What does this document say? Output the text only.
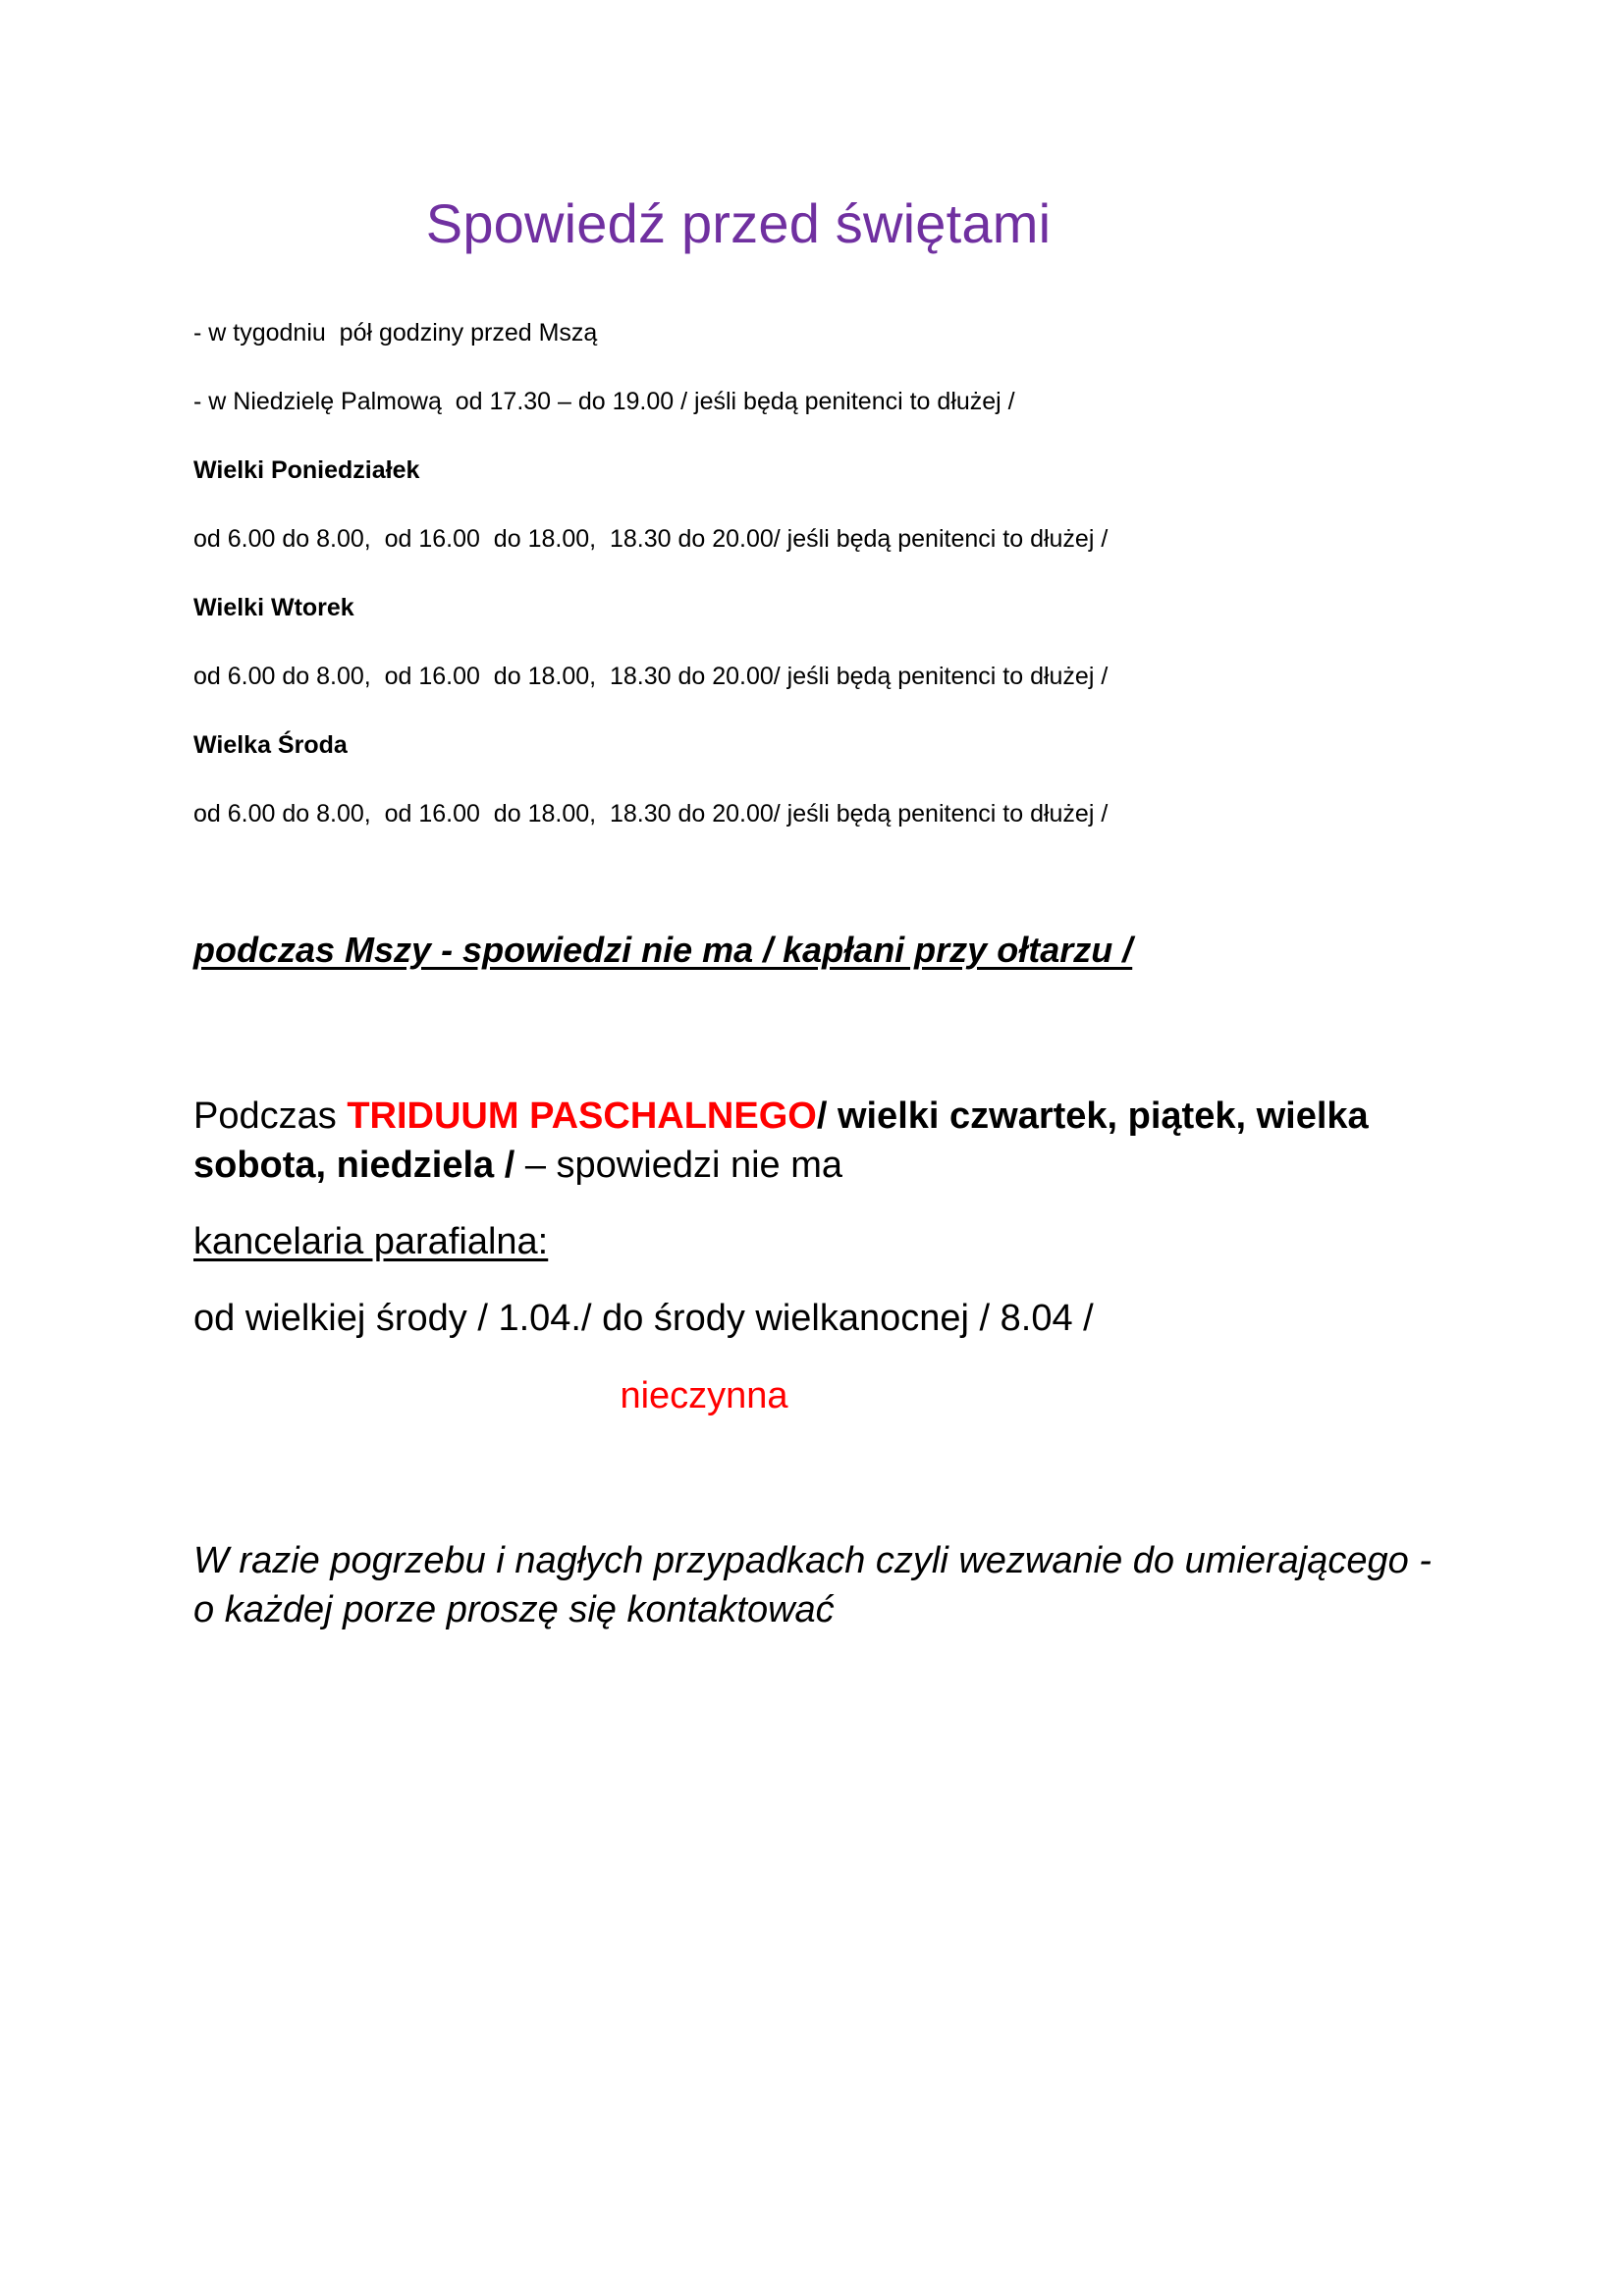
Spowiedź przed świętami

- w tygodniu  pół godziny przed Mszą

- w Niedzielę Palmową  od 17.30 – do 19.00 / jeśli będą penitenci to dłużej /

Wielki Poniedziałek

od 6.00 do 8.00,  od 16.00  do 18.00,  18.30 do 20.00/ jeśli będą penitenci to dłużej /

Wielki Wtorek

od 6.00 do 8.00,  od 16.00  do 18.00,  18.30 do 20.00/ jeśli będą penitenci to dłużej /

Wielka Środa

od 6.00 do 8.00,  od 16.00  do 18.00,  18.30 do 20.00/ jeśli będą penitenci to dłużej /

podczas Mszy - spowiedzi nie ma / kapłani przy ołtarzu /

Podczas TRIDUUM PASCHALNEGO/ wielki czwartek, piątek, wielka sobota, niedziela / – spowiedzi nie ma

kancelaria parafialna:

od wielkiej środy / 1.04./ do środy wielkanocnej / 8.04 /

nieczynna

W razie pogrzebu i nagłych przypadkach czyli wezwanie do umierającego -  o każdej porze proszę się kontaktować
